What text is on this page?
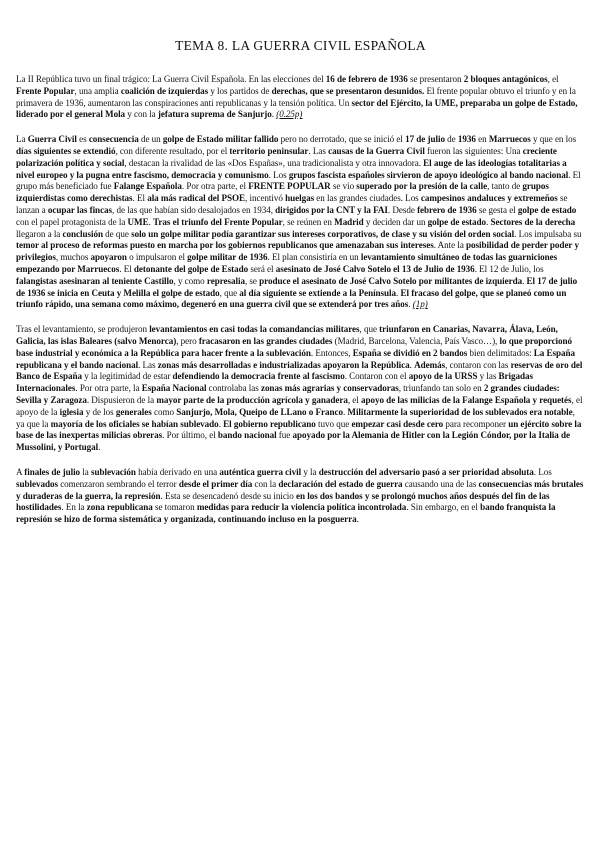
TEMA 8. LA GUERRA CIVIL ESPAÑOLA

La II República tuvo un final trágico: La Guerra Civil Española. En las elecciones del 16 de febrero de 1936 se presentaron 2 bloques antagónicos, el Frente Popular, una amplia coalición de izquierdas y los partidos de derechas, que se presentaron desunidos. El frente popular obtuvo el triunfo y en la primavera de 1936, aumentaron las conspiraciones anti republicanas y la tensión política. Un sector del Ejército, la UME, preparaba un golpe de Estado, liderado por el general Mola y con la jefatura suprema de Sanjurjo. (0.25p)

La Guerra Civil es consecuencia de un golpe de Estado militar fallido pero no derrotado, que se inició el 17 de julio de 1936 en Marruecos y que en los días siguientes se extendió, con diferente resultado, por el territorio peninsular. Las causas de la Guerra Civil fueron las siguientes: Una creciente polarización política y social, destacan la rivalidad de las «Dos Españas», una tradicionalista y otra innovadora. El auge de las ideologías totalitarias a nivel europeo y la pugna entre fascismo, democracia y comunismo. Los grupos fascista españoles sirvieron de apoyo ideológico al bando nacional. El grupo más beneficiado fue Falange Española. Por otra parte, el FRENTE POPULAR se vio superado por la presión de la calle, tanto de grupos izquierdistas como derechistas. El ala más radical del PSOE, incentivó huelgas en las grandes ciudades. Los campesinos andaluces y extremeños se lanzan a ocupar las fincas, de las que habían sido desalojados en 1934, dirigidos por la CNT y la FAI. Desde febrero de 1936 se gesta el golpe de estado con el papel protagonista de la UME. Tras el triunfo del Frente Popular, se reúnen en Madrid y deciden dar un golpe de estado. Sectores de la derecha llegaron a la conclusión de que solo un golpe militar podía garantizar sus intereses corporativos, de clase y su visión del orden social. Los impulsaba su temor al proceso de reformas puesto en marcha por los gobiernos republicanos que amenazaban sus intereses. Ante la posibilidad de perder poder y privilegios, muchos apoyaron o impulsaron el golpe militar de 1936. El plan consistiría en un levantamiento simultáneo de todas las guarniciones empezando por Marruecos. El detonante del golpe de Estado será el asesinato de José Calvo Sotelo el 13 de Julio de 1936. El 12 de Julio, los falangistas asesinaran al teniente Castillo, y como represalia, se produce el asesinato de José Calvo Sotelo por militantes de izquierda. El 17 de julio de 1936 se inicia en Ceuta y Melilla el golpe de estado, que al día siguiente se extiende a la Península. El fracaso del golpe, que se planeó como un triunfo rápido, una semana como máximo, degeneró en una guerra civil que se extenderá por tres años. (1p)

Tras el levantamiento, se produjeron levantamientos en casi todas la comandancias militares, que triunfaron en Canarias, Navarra, Álava, León, Galicia, las islas Baleares (salvo Menorca), pero fracasaron en las grandes ciudades (Madrid, Barcelona, Valencia, País Vasco…), lo que proporcionó base industrial y económica a la República para hacer frente a la sublevación. Entonces, España se dividió en 2 bandos bien delimitados: La España republicana y el bando nacional. Las zonas más desarrolladas e industrializadas apoyaron la República. Además, contaron con las reservas de oro del Banco de España y la legitimidad de estar defendiendo la democracia frente al fascismo. Contaron con el apoyo de la URSS y las Brigadas Internacionales. Por otra parte, la España Nacional controlaba las zonas más agrarias y conservadoras, triunfando tan solo en 2 grandes ciudades: Sevilla y Zaragoza. Dispusieron de la mayor parte de la producción agrícola y ganadera, el apoyo de las milicias de la Falange Española y requetés, el apoyo de la iglesia y de los generales como Sanjurjo, Mola, Queipo de LLano o Franco. Militarmente la superioridad de los sublevados era notable, ya que la mayoría de los oficiales se habían sublevado. El gobierno republicano tuvo que empezar casi desde cero para recomponer un ejército sobre la base de las inexpertas milicias obreras. Por último, el bando nacional fue apoyado por la Alemania de Hitler con la Legión Cóndor, por la Italia de Mussolini, y Portugal.

A finales de julio la sublevación había derivado en una auténtica guerra civil y la destrucción del adversario pasó a ser prioridad absoluta. Los sublevados comenzaron sembrando el terror desde el primer día con la declaración del estado de guerra causando una de las consecuencias más brutales y duraderas de la guerra, la represión. Esta se desencadenó desde su inicio en los dos bandos y se prolongó muchos años después del fin de las hostilidades. En la zona republicana se tomaron medidas para reducir la violencia política incontrolada. Sin embargo, en el bando franquista la represión se hizo de forma sistemática y organizada, continuando incluso en la posguerra.
